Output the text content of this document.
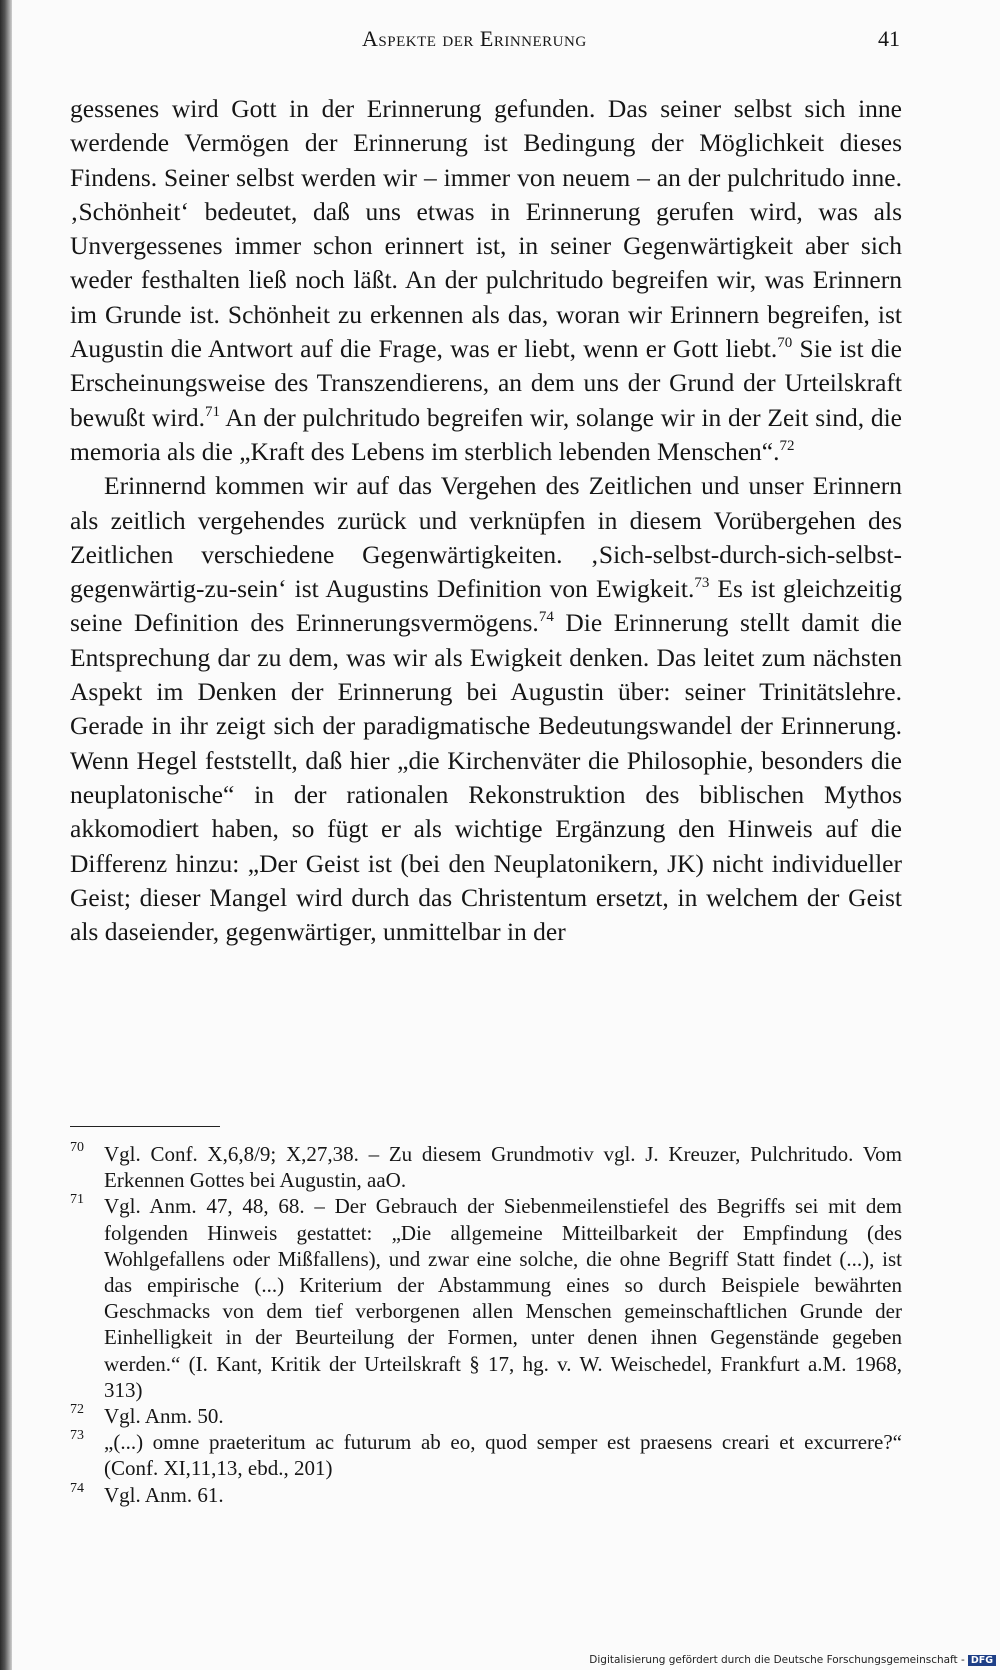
Aspekte der Erinnerung	41

gessenes wird Gott in der Erinnerung gefunden. Das seiner selbst sich inne werdende Vermögen der Erinnerung ist Bedingung der Möglichkeit dieses Findens. Seiner selbst werden wir – immer von neuem – an der pulchritudo inne. ‚Schönheit‘ bedeutet, daß uns etwas in Erinnerung gerufen wird, was als Unvergessenes immer schon erinnert ist, in seiner Gegenwärtigkeit aber sich weder festhalten ließ noch läßt. An der pulchritudo begreifen wir, was Erinnern im Grunde ist. Schönheit zu erkennen als das, woran wir Erinnern begreifen, ist Augustin die Antwort auf die Frage, was er liebt, wenn er Gott liebt.$^{70}$ Sie ist die Erscheinungsweise des Transzendierens, an dem uns der Grund der Urteilskraft bewußt wird.$^{71}$ An der pulchritudo begreifen wir, solange wir in der Zeit sind, die memoria als die „Kraft des Lebens im sterblich lebenden Menschen“.$^{72}$

Erinnernd kommen wir auf das Vergehen des Zeitlichen und unser Erinnern als zeitlich vergehendes zurück und verknüpfen in diesem Vorübergehen des Zeitlichen verschiedene Gegenwärtigkeiten. ‚Sich-selbst-durch-sich-selbst-gegenwärtig-zu-sein‘ ist Augustins Definition von Ewigkeit.$^{73}$ Es ist gleichzeitig seine Definition des Erinnerungsvermögens.$^{74}$ Die Erinnerung stellt damit die Entsprechung dar zu dem, was wir als Ewigkeit denken. Das leitet zum nächsten Aspekt im Denken der Erinnerung bei Augustin über: seiner Trinitätslehre. Gerade in ihr zeigt sich der paradigmatische Bedeutungswandel der Erinnerung. Wenn Hegel feststellt, daß hier „die Kirchenväter die Philosophie, besonders die neuplatonische“ in der rationalen Rekonstruktion des biblischen Mythos akkomodiert haben, so fügt er als wichtige Ergänzung den Hinweis auf die Differenz hinzu: „Der Geist ist (bei den Neuplatonikern, JK) nicht individueller Geist; dieser Mangel wird durch das Christentum ersetzt, in welchem der Geist als daseiender, gegenwärtiger, unmittelbar in der

70 Vgl. Conf. X,6,8/9; X,27,38. – Zu diesem Grundmotiv vgl. J. Kreuzer, Pulchritudo. Vom Erkennen Gottes bei Augustin, aaO.
71 Vgl. Anm. 47, 48, 68. – Der Gebrauch der Siebenmeilenstiefel des Begriffs sei mit dem folgenden Hinweis gestattet: „Die allgemeine Mitteilbarkeit der Empfindung (des Wohlgefallens oder Mißfallens), und zwar eine solche, die ohne Begriff Statt findet (...), ist das empirische (...) Kriterium der Abstammung eines so durch Beispiele bewährten Geschmacks von dem tief verborgenen allen Menschen gemeinschaftlichen Grunde der Einhelligkeit in der Beurteilung der Formen, unter denen ihnen Gegenstände gegeben werden.“ (I. Kant, Kritik der Urteilskraft § 17, hg. v. W. Weischedel, Frankfurt a.M. 1968, 313)
72 Vgl. Anm. 50.
73 „(...) omne praeteritum ac futurum ab eo, quod semper est praesens creari et excurrere?“ (Conf. XI,11,13, ebd., 201)
74 Vgl. Anm. 61.
Digitalisierung gefördert durch die Deutsche Forschungsgemeinschaft - DFG
